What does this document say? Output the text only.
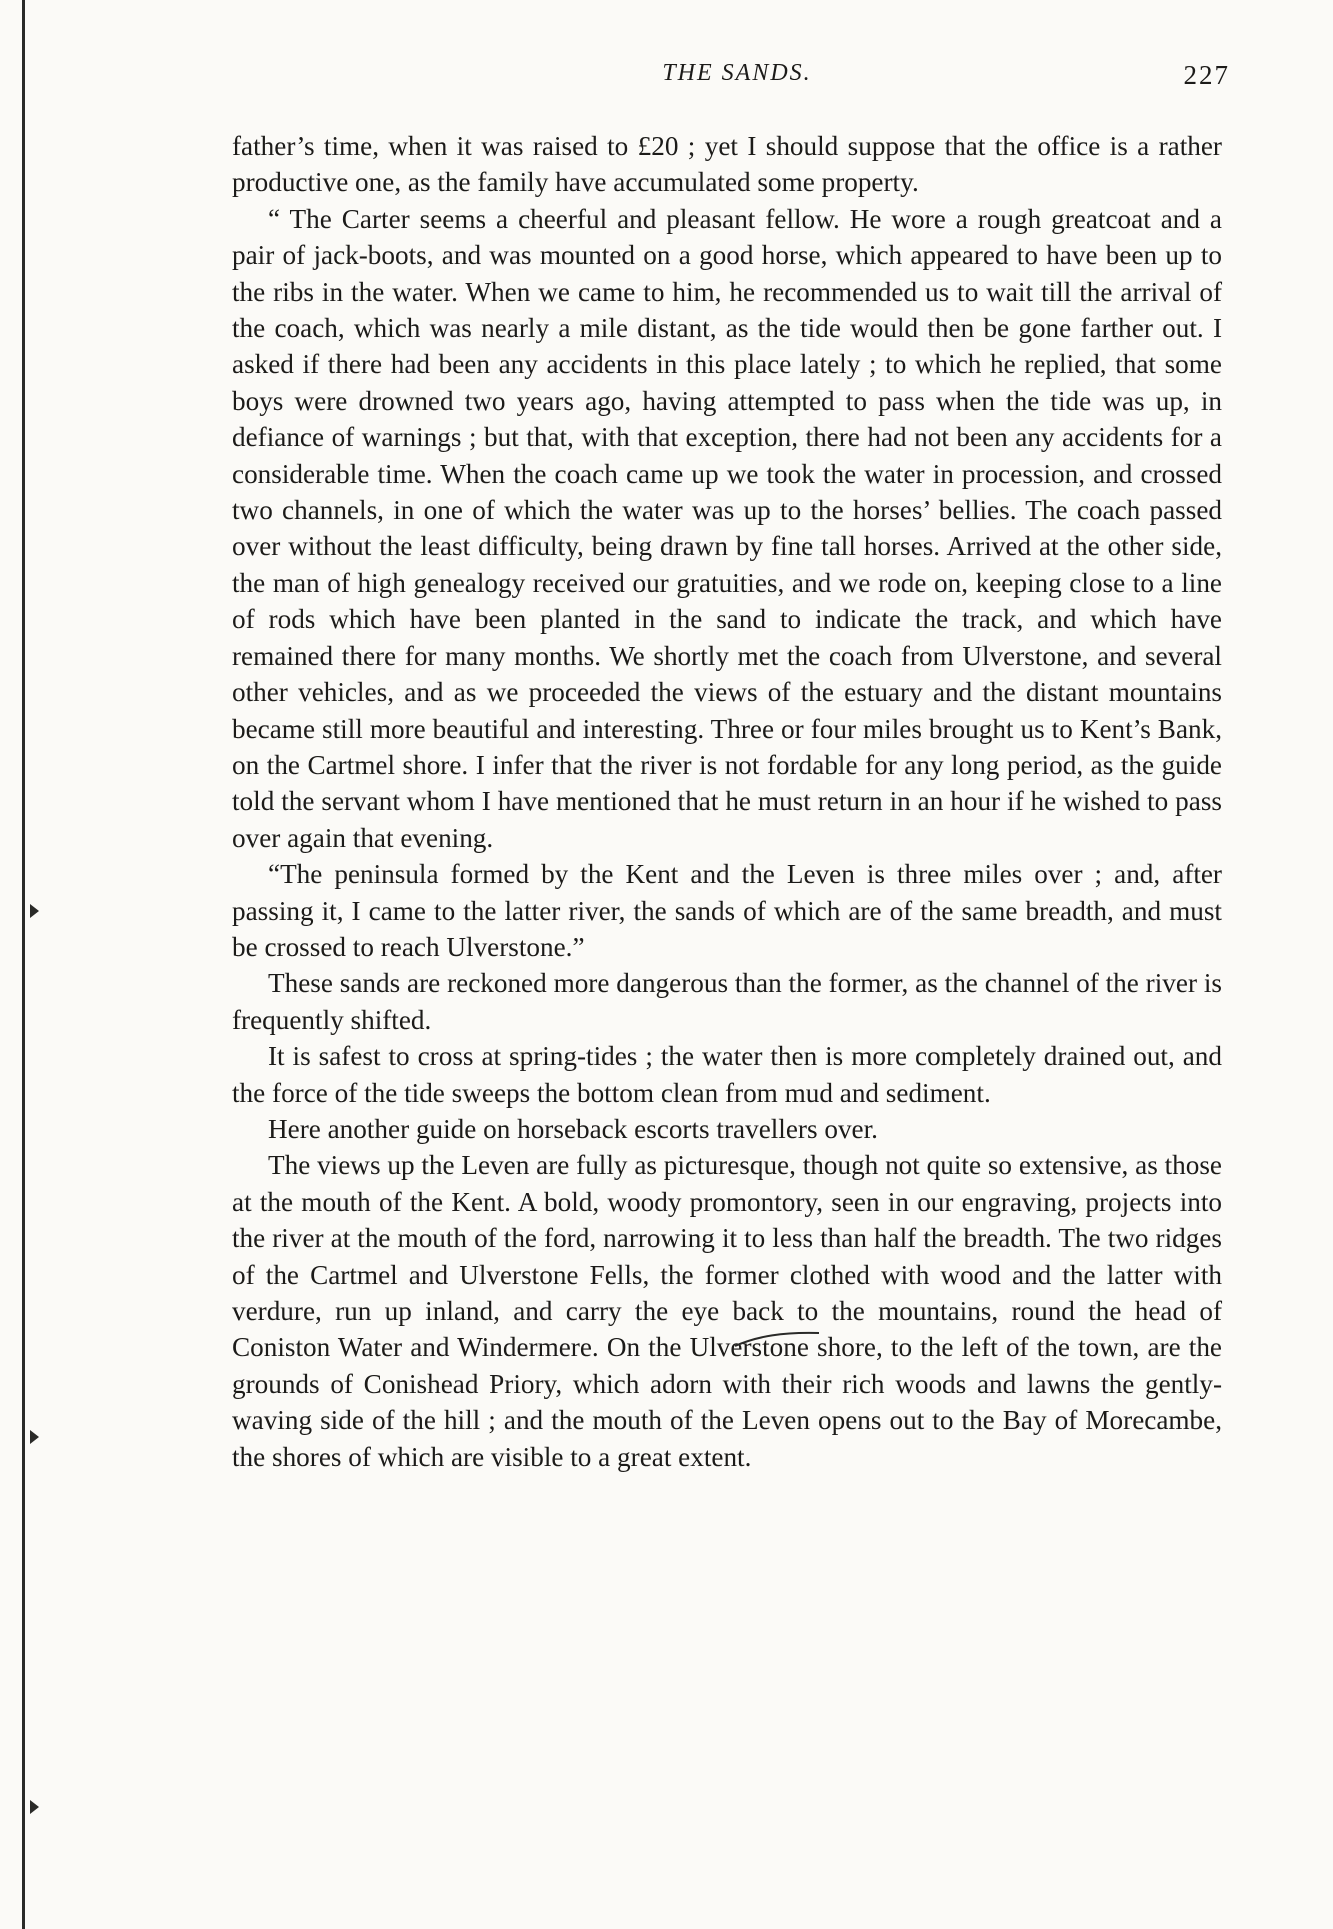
THE SANDS.	227

father’s time, when it was raised to £20 ; yet I should suppose that the office is a rather productive one, as the family have accumulated some property.

“ The Carter seems a cheerful and pleasant fellow. He wore a rough greatcoat and a pair of jack-boots, and was mounted on a good horse, which appeared to have been up to the ribs in the water. When we came to him, he recommended us to wait till the arrival of the coach, which was nearly a mile distant, as the tide would then be gone farther out. I asked if there had been any accidents in this place lately ; to which he replied, that some boys were drowned two years ago, having attempted to pass when the tide was up, in defiance of warnings ; but that, with that exception, there had not been any accidents for a considerable time. When the coach came up we took the water in procession, and crossed two channels, in one of which the water was up to the horses’ bellies. The coach passed over without the least difficulty, being drawn by fine tall horses. Arrived at the other side, the man of high genealogy received our gratuities, and we rode on, keeping close to a line of rods which have been planted in the sand to indicate the track, and which have remained there for many months. We shortly met the coach from Ulverstone, and several other vehicles, and as we proceeded the views of the estuary and the distant mountains became still more beautiful and interesting. Three or four miles brought us to Kent’s Bank, on the Cartmel shore. I infer that the river is not fordable for any long period, as the guide told the servant whom I have mentioned that he must return in an hour if he wished to pass over again that evening.

“The peninsula formed by the Kent and the Leven is three miles over ; and, after passing it, I came to the latter river, the sands of which are of the same breadth, and must be crossed to reach Ulverstone.”

These sands are reckoned more dangerous than the former, as the channel of the river is frequently shifted.

It is safest to cross at spring-tides ; the water then is more completely drained out, and the force of the tide sweeps the bottom clean from mud and sediment.

Here another guide on horseback escorts travellers over.

The views up the Leven are fully as picturesque, though not quite so extensive, as those at the mouth of the Kent. A bold, woody promontory, seen in our engraving, projects into the river at the mouth of the ford, narrowing it to less than half the breadth. The two ridges of the Cartmel and Ulverstone Fells, the former clothed with wood and the latter with verdure, run up inland, and carry the eye back to the mountains, round the head of Coniston Water and Windermere. On the Ulverstone shore, to the left of the town, are the grounds of Conishead Priory, which adorn with their rich woods and lawns the gently-waving side of the hill ; and the mouth of the Leven opens out to the Bay of Morecambe, the shores of which are visible to a great extent.
